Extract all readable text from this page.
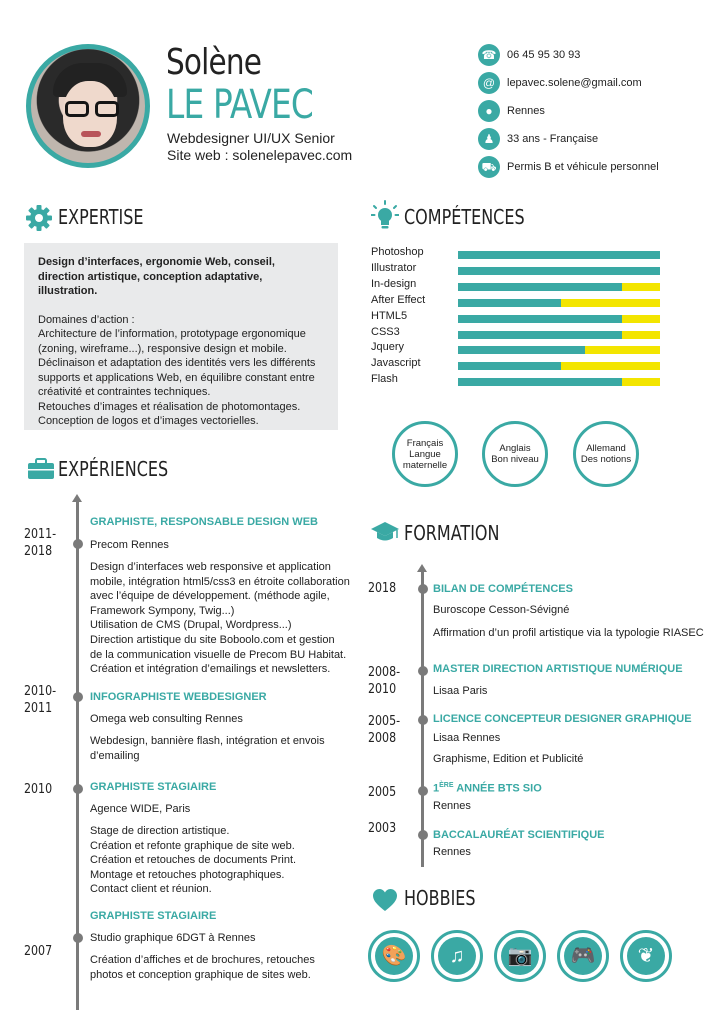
Solène
LE PAVEC
Webdesigner UI/UX Senior
Site web : solenelepavec.com
☎ 06 45 95 30 93
@	lepavec.solene@gmail.com
●	Rennes
♟	33 ans - Française
⛟ Permis B et véhicule personnel
EXPERTISE
Design d’interfaces, ergonomie Web, conseil, direction artistique, conception adaptative, illustration.
Domaines d’action :
Architecture de l’information, prototypage ergonomique (zoning, wireframe...), responsive design et mobile.
Déclinaison et adaptation des identités vers les différents supports et applications Web, en équilibre constant entre créativité et contraintes techniques.
Retouches d’images et réalisation de photomontages.
Conception de logos et d’images vectorielles.
COMPÉTENCES
Photoshop
Illustrator
In-design
After Effect
HTML5
CSS3
Jquery
Javascript
Flash
Français
Langue
maternelle
Anglais
Bon niveau
Allemand
Des notions
EXPÉRIENCES
2011-
2018
GRAPHISTE, RESPONSABLE DESIGN WEB
Precom Rennes
Design d’interfaces web responsive et application
mobile, intégration html5/css3 en étroite collaboration
avec l’équipe de développement. (méthode agile,
Framework Sympony, Twig...)
Utilisation de CMS (Drupal, Wordpress...)
Direction artistique du site Boboolo.com et gestion
de la communication visuelle de Precom BU Habitat.
Création et intégration d’emailings et newsletters.
2010-
2011
INFOGRAPHISTE WEBDESIGNER
Omega web consulting Rennes
Webdesign, bannière flash, intégration et envois
d’emailing
2010	GRAPHISTE STAGIAIRE
Agence WIDE, Paris
Stage de direction artistique.
Création et refonte graphique de site web.
Création et retouches de documents Print.
Montage et retouches photographiques.
Contact client et réunion.
GRAPHISTE STAGIAIRE
Studio graphique 6DGT à Rennes
2007
Création d’affiches et de brochures, retouches
photos et conception graphique de sites web.
FORMATION
2018	BILAN DE COMPÉTENCES
Buroscope Cesson-Sévigné
Affirmation d’un profil artistique via la typologie RIASEC
2008-
2010
MASTER DIRECTION ARTISTIQUE NUMÉRIQUE
Lisaa Paris
2005-
2008
LICENCE CONCEPTEUR DESIGNER GRAPHIQUE
Lisaa Rennes
Graphisme, Edition et Publicité
2005	1ÈRE ANNÉE BTS SIO
Rennes
2003	BACCALAURÉAT SCIENTIFIQUE
Rennes
HOBBIES
🎨	♫	📷	🎮	❦
